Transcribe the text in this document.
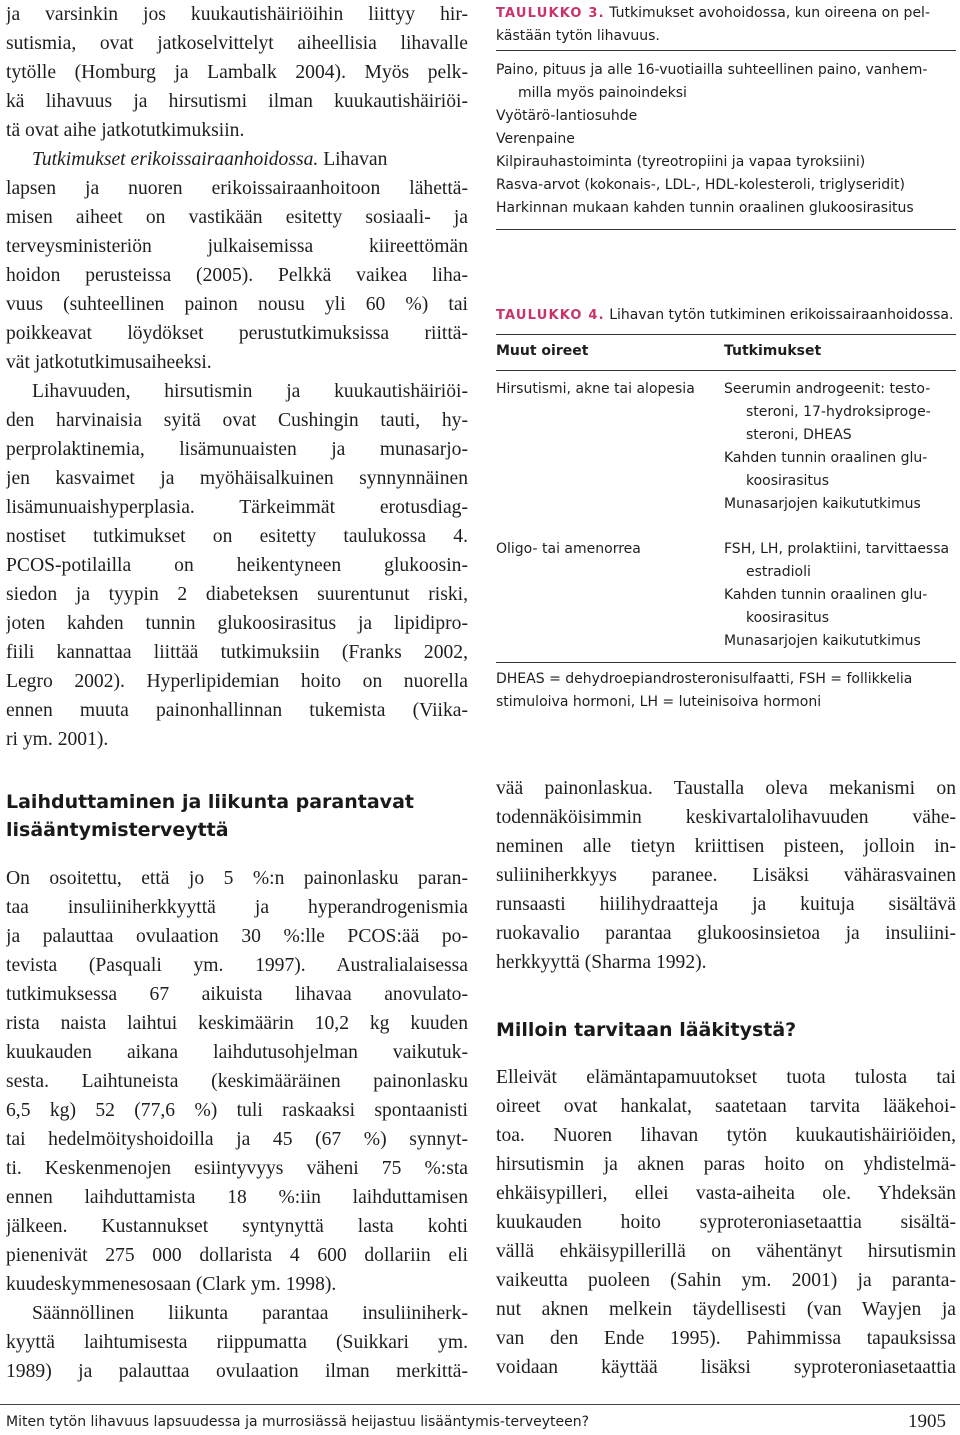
ja varsinkin jos kuukautishäiriöihin liittyy hir-
sutismia, ovat jatkoselvittelyt aiheellisia lihavalle
tytölle (Homburg ja Lambalk 2004). Myös pelk-
kä lihavuus ja hirsutismi ilman kuukautishäiriöi-
tä ovat aihe jatkotutkimuksiin.
Tutkimukset erikoissairaanhoidossa. Lihavan
lapsen ja nuoren erikoissairaanhoitoon lähettä-
misen aiheet on vastikään esitetty sosiaali- ja
terveysministeriön julkaisemissa kiireettömän
hoidon perusteissa (2005). Pelkkä vaikea liha-
vuus (suhteellinen painon nousu yli 60 %) tai
poikkeavat löydökset perustutkimuksissa riittä-
vät jatkotutkimusaiheeksi.
Lihavuuden, hirsutismin ja kuukautishäiriöi-
den harvinaisia syitä ovat Cushingin tauti, hy-
perprolaktinemia, lisämunuaisten ja munasarjo-
jen kasvaimet ja myöhäisalkuinen synnynnäinen
lisämunuaishyperplasia. Tärkeimmät erotusdiag-
nostiset tutkimukset on esitetty taulukossa 4.
PCOS-potilailla on heikentyneen glukoosin-
siedon ja tyypin 2 diabeteksen suurentunut riski,
joten kahden tunnin glukoosirasitus ja lipidipro-
fiili kannattaa liittää tutkimuksiin (Franks 2002,
Legro 2002). Hyperlipidemian hoito on nuorella
ennen muuta painonhallinnan tukemista (Viika-
ri ym. 2001).
Laihduttaminen ja liikunta parantavat
lisääntymisterveyttä
On osoitettu, että jo 5 %:n painonlasku paran-
taa insuliiniherkkyyttä ja hyperandrogenismia
ja palauttaa ovulaation 30 %:lle PCOS:ää po-
tevista (Pasquali ym. 1997). Australialaisessa
tutkimuksessa 67 aikuista lihavaa anovulato-
rista naista laihtui keskimäärin 10,2 kg kuuden
kuukauden aikana laihdutusohjelman vaikutuk-
sesta. Laihtuneista (keskimääräinen painonlasku
6,5 kg) 52 (77,6 %) tuli raskaaksi spontaanisti
tai hedelmöityshoidoilla ja 45 (67 %) synnyt-
ti. Keskenmenojen esiintyvyys väheni 75 %:sta
ennen laihduttamista 18 %:iin laihduttamisen
jälkeen. Kustannukset syntynyttä lasta kohti
pienenivät 275 000 dollarista 4 600 dollariin eli
kuudeskymmenesosaan (Clark ym. 1998).
Säännöllinen liikunta parantaa insuliiniherk-
kyyttä laihtumisesta riippumatta (Suikkari ym.
1989) ja palauttaa ovulaation ilman merkittä-
TAULUKKO 3. Tutkimukset avohoidossa, kun oireena on pel-
kästään tytön lihavuus.
Paino, pituus ja alle 16-vuotiailla suhteellinen paino, vanhem-
milla myös painoindeksi
Vyötärö-lantiosuhde
Verenpaine
Kilpirauhastoiminta (tyreotropiini ja vapaa tyroksiini)
Rasva-arvot (kokonais-, LDL-, HDL-kolesteroli, triglyseridit)
Harkinnan mukaan kahden tunnin oraalinen glukoosirasitus
TAULUKKO 4. Lihavan tytön tutkiminen erikoissairaanhoidossa.
Muut oireet	Tutkimukset
Hirsutismi, akne tai alopesia	Seerumin androgeenit: testo-
steroni, 17-hydroksiproge-
steroni, DHEAS
Kahden tunnin oraalinen glu-
koosirasitus
Munasarjojen kaikututkimus
Oligo- tai amenorrea	FSH, LH, prolaktiini, tarvittaessa
estradioli
Kahden tunnin oraalinen glu-
koosirasitus
Munasarjojen kaikututkimus
DHEAS = dehydroepiandrosteronisulfaatti, FSH = follikkelia
stimuloiva hormoni, LH = luteinisoiva hormoni
vää painonlaskua. Taustalla oleva mekanismi on
todennäköisimmin keskivartalolihavuuden vähe-
neminen alle tietyn kriittisen pisteen, jolloin in-
suliiniherkkyys paranee. Lisäksi vähärasvainen
runsaasti hiilihydraatteja ja kuituja sisältävä
ruokavalio parantaa glukoosinsietoa ja insuliini-
herkkyyttä (Sharma 1992).
Milloin tarvitaan lääkitystä?
Elleivät elämäntapamuutokset tuota tulosta tai
oireet ovat hankalat, saatetaan tarvita lääkehoi-
toa. Nuoren lihavan tytön kuukautishäiriöiden,
hirsutismin ja aknen paras hoito on yhdistelmä-
ehkäisypilleri, ellei vasta-aiheita ole. Yhdeksän
kuukauden hoito syproteroniasetaattia sisältä-
vällä ehkäisypillerillä on vähentänyt hirsutismin
vaikeutta puoleen (Sahin ym. 2001) ja paranta-
nut aknen melkein täydellisesti (van Wayjen ja
van den Ende 1995). Pahimmissa tapauksissa
voidaan käyttää lisäksi syproteroniasetaattia
Miten tytön lihavuus lapsuudessa ja murrosiässä heijastuu lisääntymis-terveyteen?	1905
